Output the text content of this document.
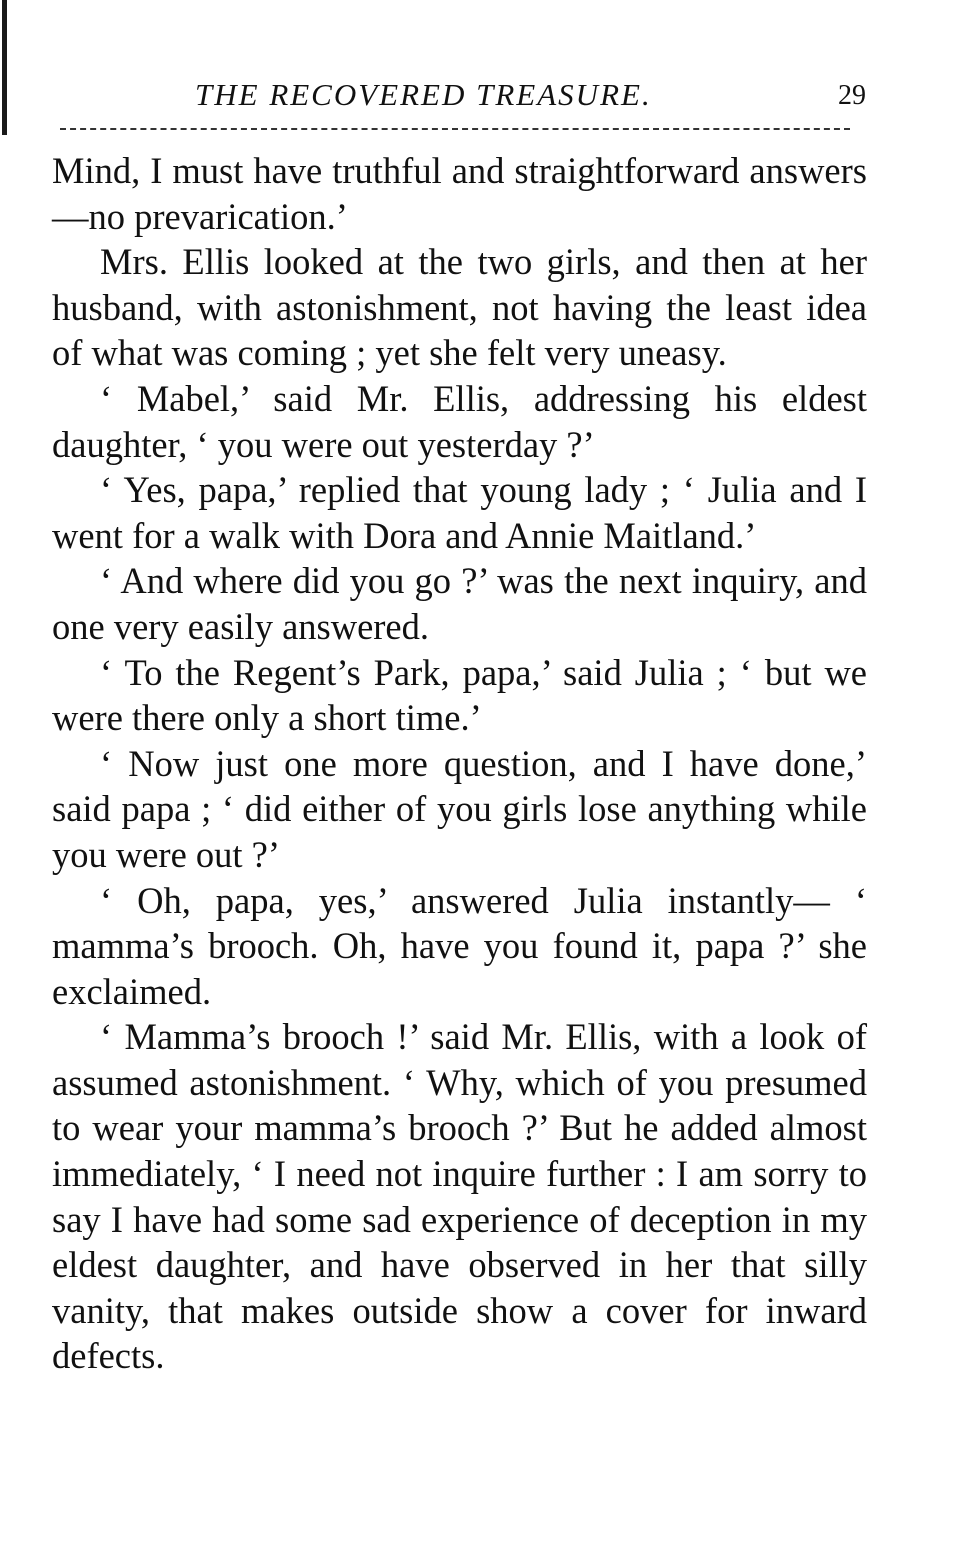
THE RECOVERED TREASURE.	29

Mind, I must have truthful and straightforward answers—no prevarication.’

Mrs. Ellis looked at the two girls, and then at her husband, with astonishment, not having the least idea of what was coming ; yet she felt very uneasy.

‘ Mabel,’ said Mr. Ellis, addressing his eldest daughter, ‘ you were out yesterday ?’

‘ Yes, papa,’ replied that young lady ; ‘ Julia and I went for a walk with Dora and Annie Maitland.’

‘ And where did you go ?’ was the next inquiry, and one very easily answered.

‘ To the Regent’s Park, papa,’ said Julia ; ‘ but we were there only a short time.’

‘ Now just one more question, and I have done,’ said papa ; ‘ did either of you girls lose anything while you were out ?’

‘ Oh, papa, yes,’ answered Julia instantly— ‘ mamma’s brooch. Oh, have you found it, papa ?’ she exclaimed.

‘ Mamma’s brooch !’ said Mr. Ellis, with a look of assumed astonishment. ‘ Why, which of you presumed to wear your mamma’s brooch ?’ But he added almost immediately, ‘ I need not inquire further : I am sorry to say I have had some sad experience of deception in my eldest daughter, and have observed in her that silly vanity, that makes outside show a cover for inward defects.
